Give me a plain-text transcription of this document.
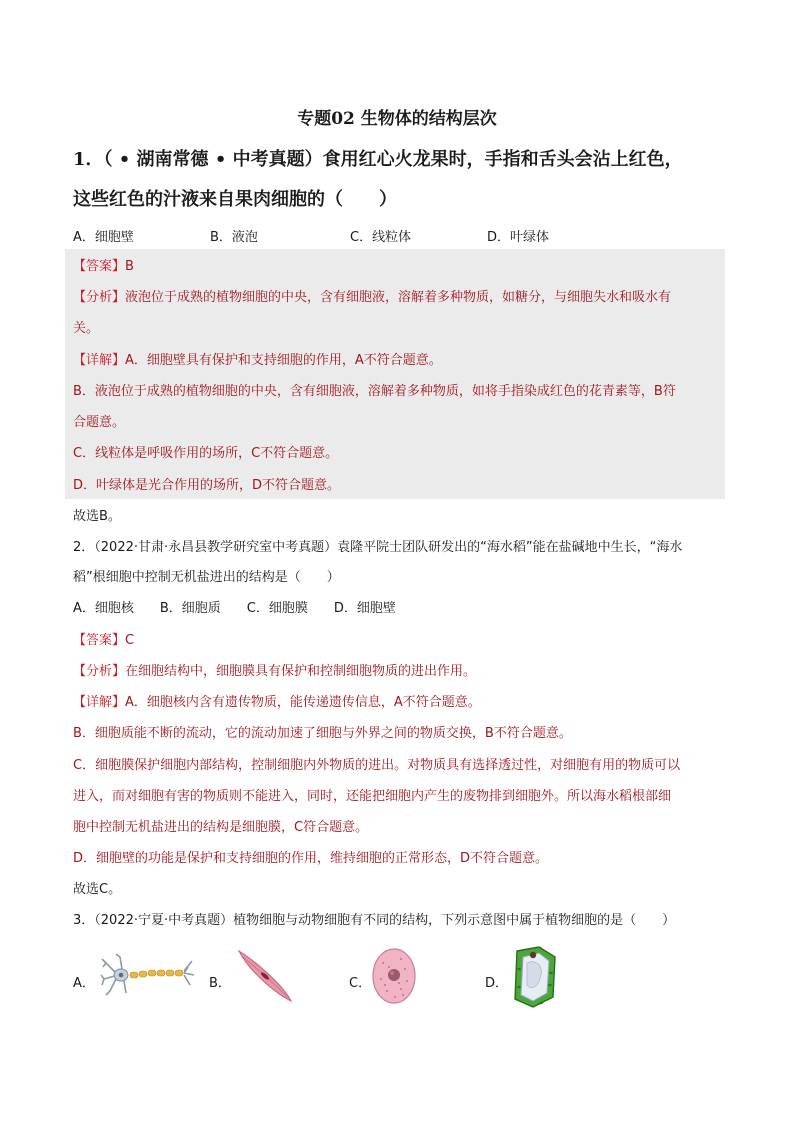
专题02 生物体的结构层次
1．（ • 湖南常德 • 中考真题）食用红心火龙果时，手指和舌头会沾上红色，
这些红色的汁液来自果肉细胞的（　　）
A．细胞壁	B．液泡	C．线粒体	D．叶绿体
【答案】B
【分析】液泡位于成熟的植物细胞的中央，含有细胞液，溶解着多种物质，如糖分，与细胞失水和吸水有
关。
【详解】A．细胞壁具有保护和支持细胞的作用，A不符合题意。
B．液泡位于成熟的植物细胞的中央，含有细胞液，溶解着多种物质，如将手指染成红色的花青素等，B符
合题意。
C．线粒体是呼吸作用的场所，C不符合题意。
D．叶绿体是光合作用的场所，D不符合题意。
故选B。
2．（2022·甘肃·永昌县教学研究室中考真题）袁隆平院士团队研发出的“海水稻”能在盐碱地中生长，“海水
稻”根细胞中控制无机盐进出的结构是（　　）
A．细胞核　　B．细胞质　　C．细胞膜　　D．细胞壁
【答案】C
【分析】在细胞结构中，细胞膜具有保护和控制细胞物质的进出作用。
【详解】A．细胞核内含有遗传物质，能传递遗传信息，A不符合题意。
B．细胞质能不断的流动，它的流动加速了细胞与外界之间的物质交换，B不符合题意。
C．细胞膜保护细胞内部结构，控制细胞内外物质的进出。对物质具有选择透过性，对细胞有用的物质可以
进入，而对细胞有害的物质则不能进入，同时，还能把细胞内产生的废物排到细胞外。所以海水稻根部细
胞中控制无机盐进出的结构是细胞膜，C符合题意。
D．细胞壁的功能是保护和支持细胞的作用，维持细胞的正常形态，D不符合题意。
故选C。
3．（2022·宁夏·中考真题）植物细胞与动物细胞有不同的结构，下列示意图中属于植物细胞的是（　　）
A．	B．	C．	D．
